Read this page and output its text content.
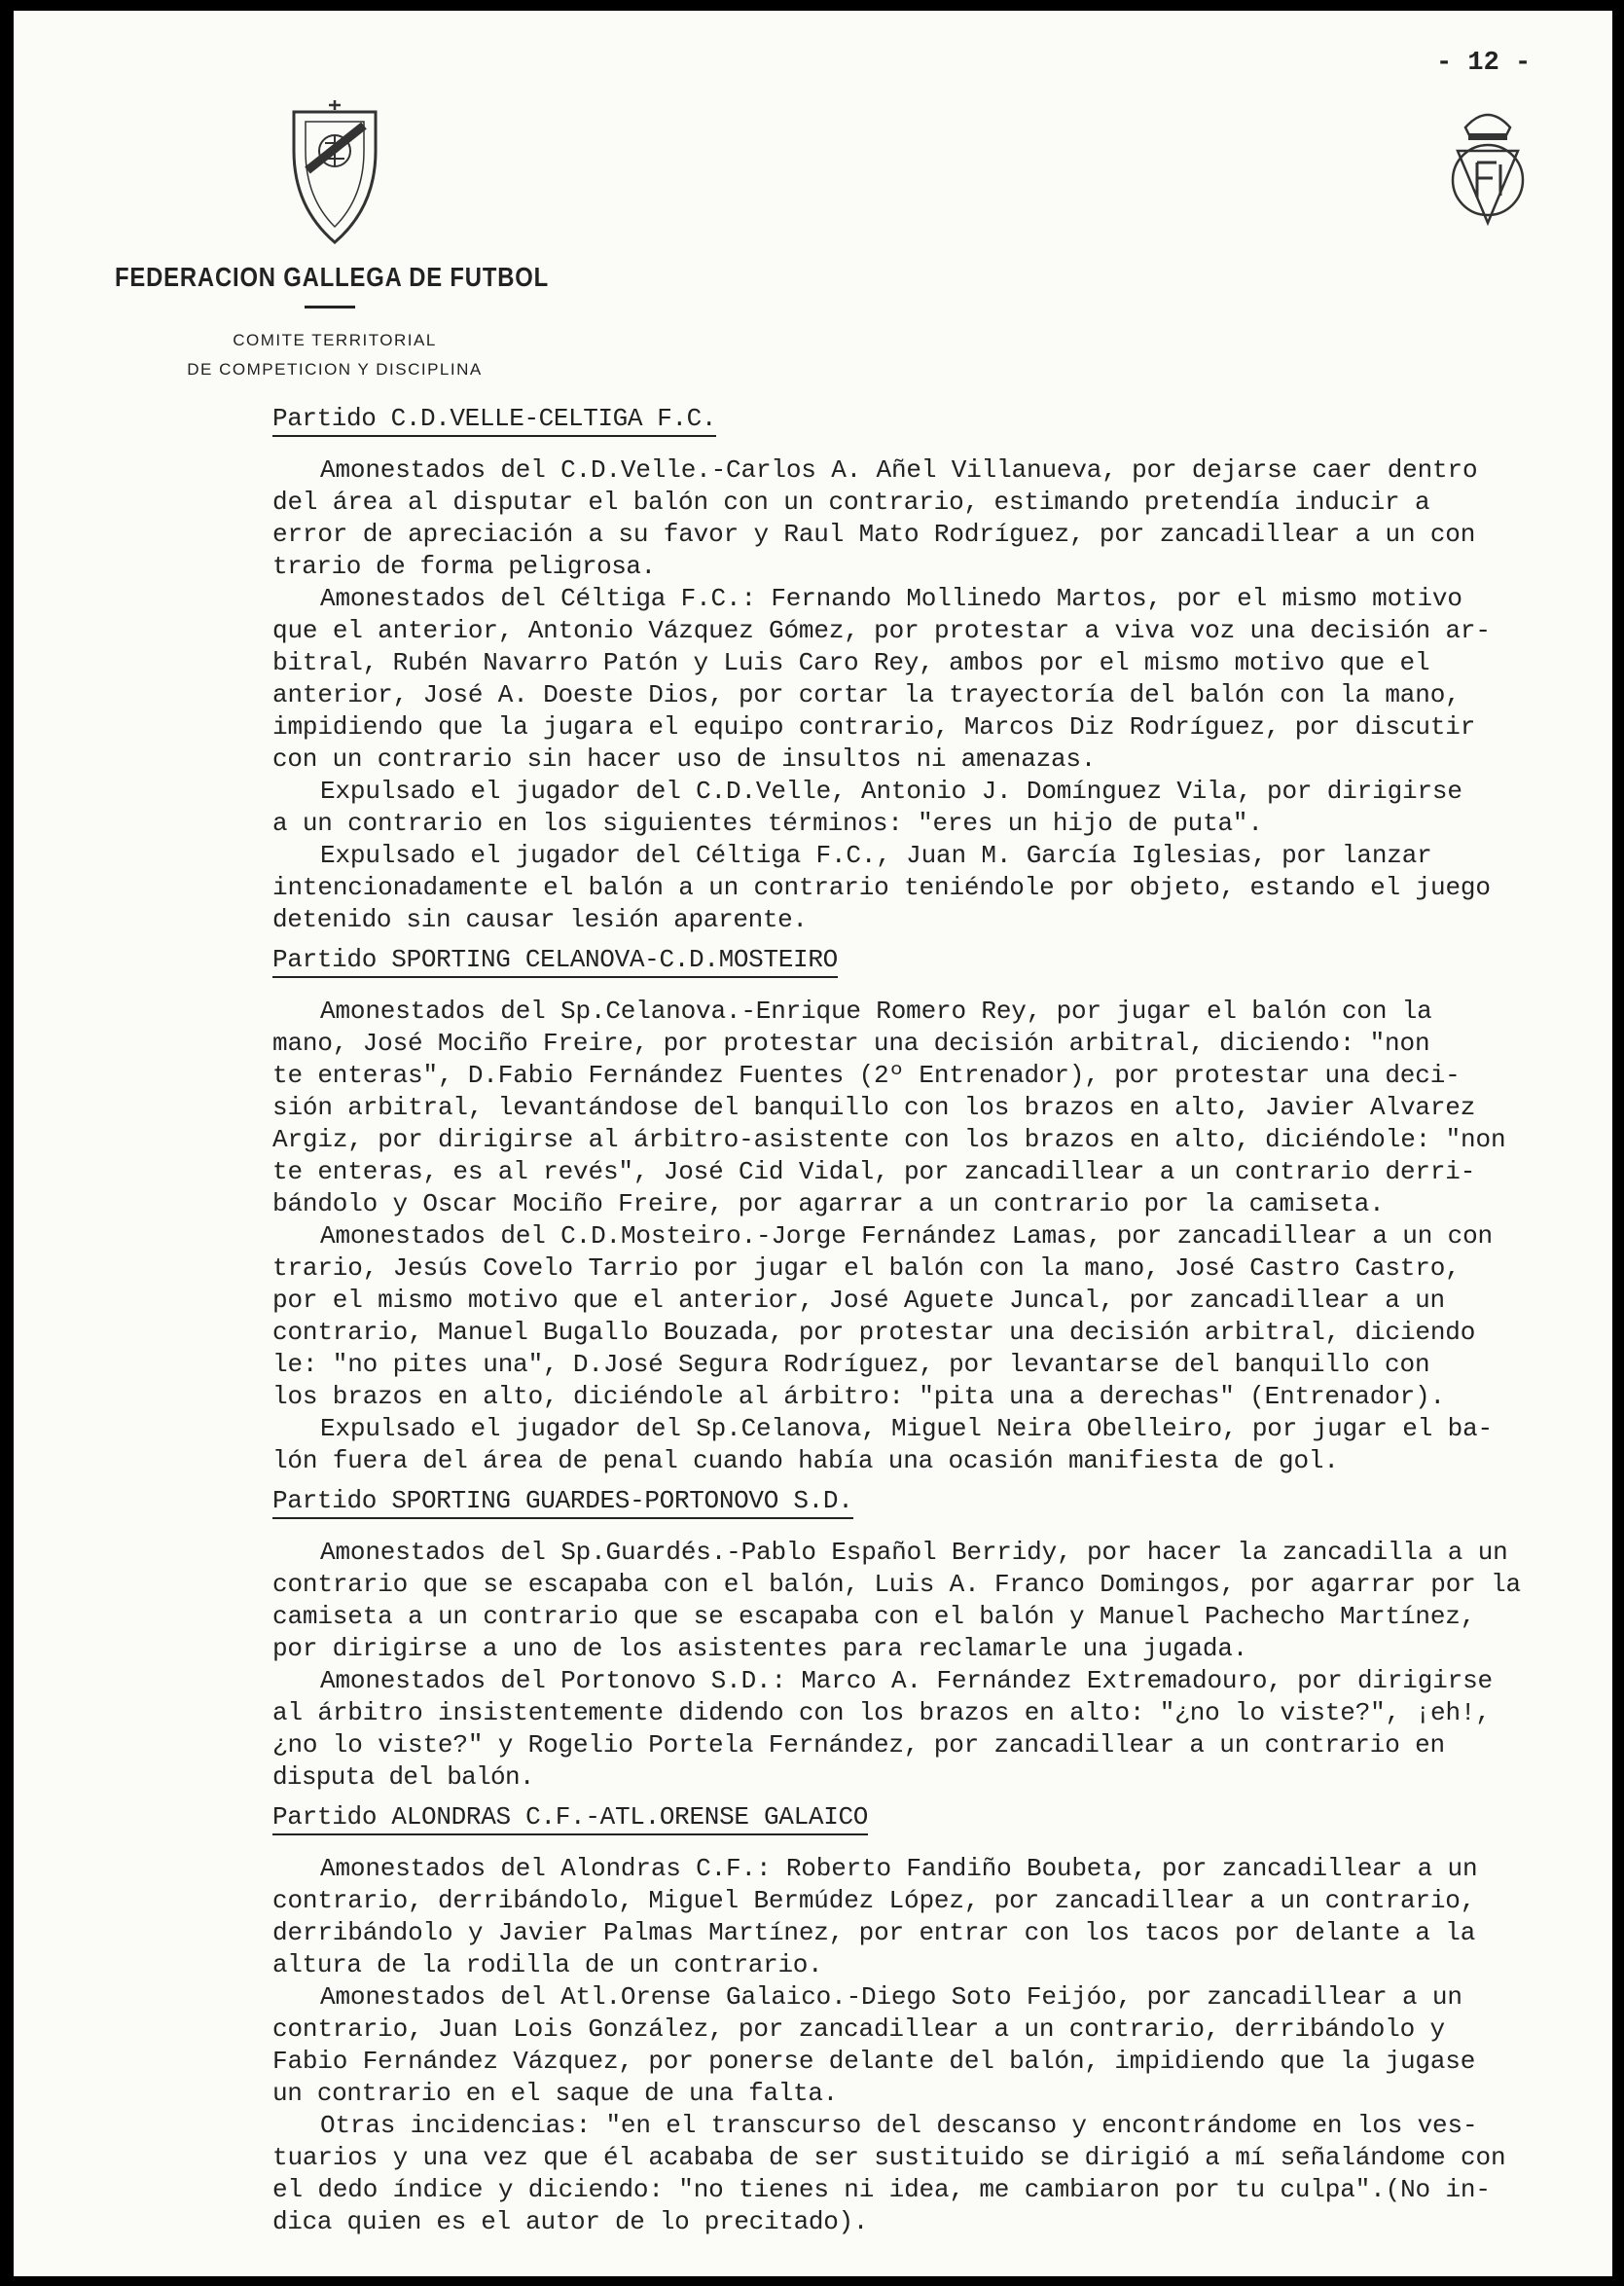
- 12 -
FEDERACION GALLEGA DE FUTBOL
COMITE TERRITORIAL
DE COMPETICION Y DISCIPLINA
Partido C.D.VELLE-CELTIGA F.C.
Amonestados del C.D.Velle.-Carlos A. Añel Villanueva, por dejarse caer dentro
del área al disputar el balón con un contrario, estimando pretendía inducir a
error de apreciación a su favor y Raul Mato Rodríguez, por zancadillear a un con
trario de forma peligrosa.
Amonestados del Céltiga F.C.: Fernando Mollinedo Martos, por el mismo motivo
que el anterior, Antonio Vázquez Gómez, por protestar a viva voz una decisión ar-
bitral, Rubén Navarro Patón y Luis Caro Rey, ambos por el mismo motivo que el
anterior, José A. Doeste Dios, por cortar la trayectoría del balón con la mano,
impidiendo que la jugara el equipo contrario, Marcos Diz Rodríguez, por discutir
con un contrario sin hacer uso de insultos ni amenazas.
Expulsado el jugador del C.D.Velle, Antonio J. Domínguez Vila, por dirigirse
a un contrario en los siguientes términos: "eres un hijo de puta".
Expulsado el jugador del Céltiga F.C., Juan M. García Iglesias, por lanzar
intencionadamente el balón a un contrario teniéndole por objeto, estando el juego
detenido sin causar lesión aparente.
Partido SPORTING CELANOVA-C.D.MOSTEIRO
Amonestados del Sp.Celanova.-Enrique Romero Rey, por jugar el balón con la
mano, José Mociño Freire, por protestar una decisión arbitral, diciendo: "non
te enteras", D.Fabio Fernández Fuentes (2º Entrenador), por protestar una deci-
sión arbitral, levantándose del banquillo con los brazos en alto, Javier Alvarez
Argiz, por dirigirse al árbitro-asistente con los brazos en alto, diciéndole: "non
te enteras, es al revés", José Cid Vidal, por zancadillear a un contrario derri-
bándolo y Oscar Mociño Freire, por agarrar a un contrario por la camiseta.
Amonestados del C.D.Mosteiro.-Jorge Fernández Lamas, por zancadillear a un con
trario, Jesús Covelo Tarrio por jugar el balón con la mano, José Castro Castro,
por el mismo motivo que el anterior, José Aguete Juncal, por zancadillear a un
contrario, Manuel Bugallo Bouzada, por protestar una decisión arbitral, diciendo
le: "no pites una", D.José Segura Rodríguez, por levantarse del banquillo con
los brazos en alto, diciéndole al árbitro: "pita una a derechas" (Entrenador).
Expulsado el jugador del Sp.Celanova, Miguel Neira Obelleiro, por jugar el ba-
lón fuera del área de penal cuando había una ocasión manifiesta de gol.
Partido SPORTING GUARDES-PORTONOVO S.D.
Amonestados del Sp.Guardés.-Pablo Español Berridy, por hacer la zancadilla a un
contrario que se escapaba con el balón, Luis A. Franco Domingos, por agarrar por la
camiseta a un contrario que se escapaba con el balón y Manuel Pachecho Martínez,
por dirigirse a uno de los asistentes para reclamarle una jugada.
Amonestados del Portonovo S.D.: Marco A. Fernández Extremadouro, por dirigirse
al árbitro insistentemente didendo con los brazos en alto: "¿no lo viste?", ¡eh!,
¿no lo viste?" y Rogelio Portela Fernández, por zancadillear a un contrario en
disputa del balón.
Partido ALONDRAS C.F.-ATL.ORENSE GALAICO
Amonestados del Alondras C.F.: Roberto Fandiño Boubeta, por zancadillear a un
contrario, derribándolo, Miguel Bermúdez López, por zancadillear a un contrario,
derribándolo y Javier Palmas Martínez, por entrar con los tacos por delante a la
altura de la rodilla de un contrario.
Amonestados del Atl.Orense Galaico.-Diego Soto Feijóo, por zancadillear a un
contrario, Juan Lois González, por zancadillear a un contrario, derribándolo y
Fabio Fernández Vázquez, por ponerse delante del balón, impidiendo que la jugase
un contrario en el saque de una falta.
Otras incidencias: "en el transcurso del descanso y encontrándome en los ves-
tuarios y una vez que él acababa de ser sustituido se dirigió a mí señalándome con
el dedo índice y diciendo: "no tienes ni idea, me cambiaron por tu culpa".(No in-
dica quien es el autor de lo precitado).
